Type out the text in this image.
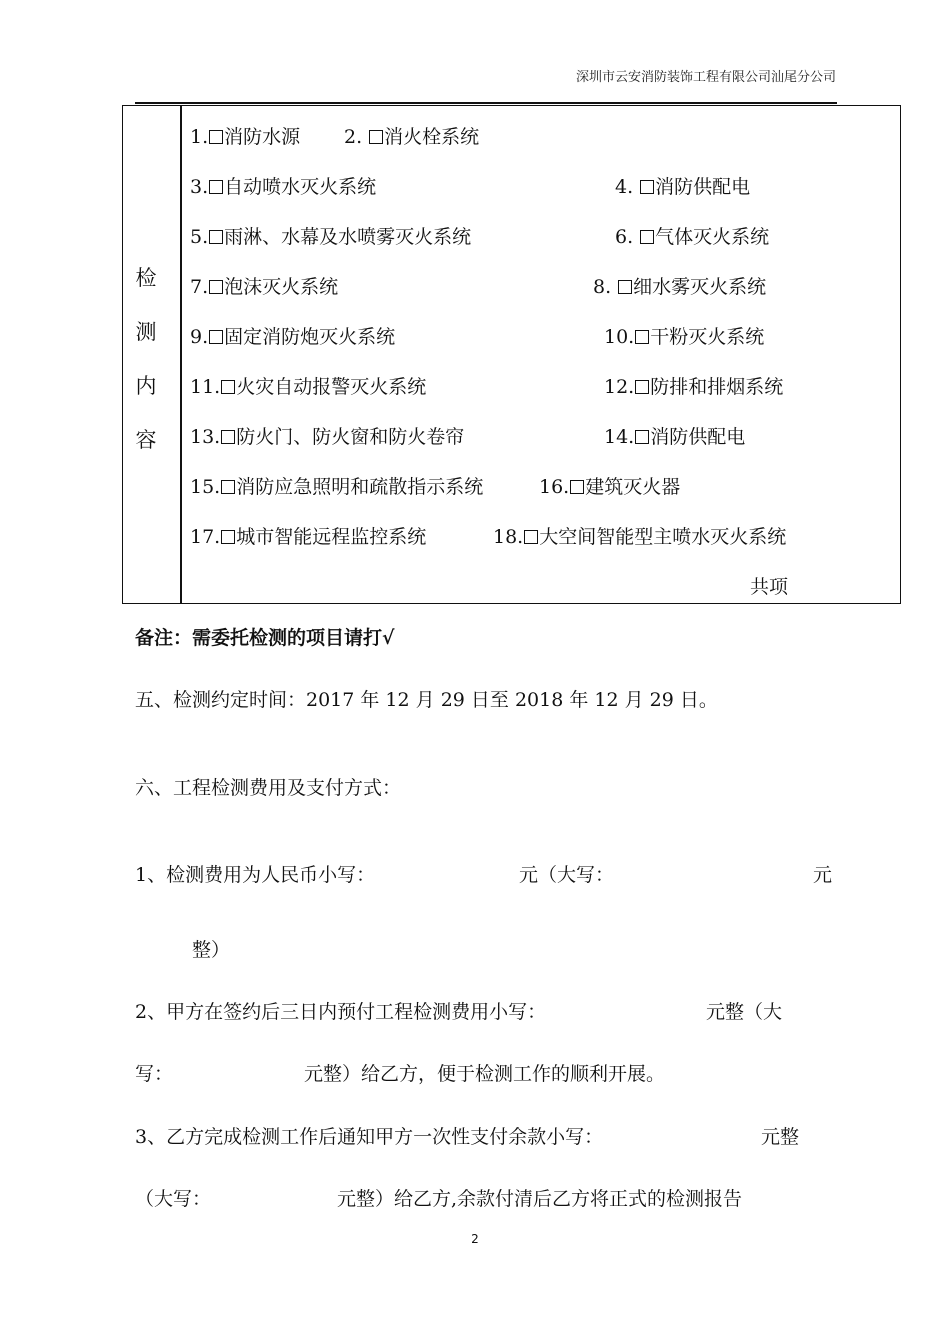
深圳市云安消防装饰工程有限公司汕尾分公司
检
测
内
容
1. 消防水源 2. 消火栓系统
3. 自动喷水灭火系统	4. 消防供配电
5. 雨淋、水幕及水喷雾灭火系统	6. 气体灭火系统
7. 泡沫灭火系统	8. 细水雾灭火系统
9. 固定消防炮灭火系统	10. 干粉灭火系统
11. 火灾自动报警灭火系统	12. 防排和排烟系统
13. 防火门、防火窗和防火卷帘	14. 消防供配电
15. 消防应急照明和疏散指示系统	16. 建筑灭火器
17. 城市智能远程监控系统	18. 大空间智能型主喷水灭火系统
共项
备注：需委托检测的项目请打√
五、检测约定时间：2017 年 12 月 29 日至 2018 年 12 月 29 日。
六、工程检测费用及支付方式：
1、检测费用为人民币小写：	元（大写：	元
整）
2、甲方在签约后三日内预付工程检测费用小写：	元整（大
写：	元整）给乙方，便于检测工作的顺利开展。
3、乙方完成检测工作后通知甲方一次性支付余款小写：	元整
（大写：	元整）给乙方,余款付清后乙方将正式的检测报告
2
